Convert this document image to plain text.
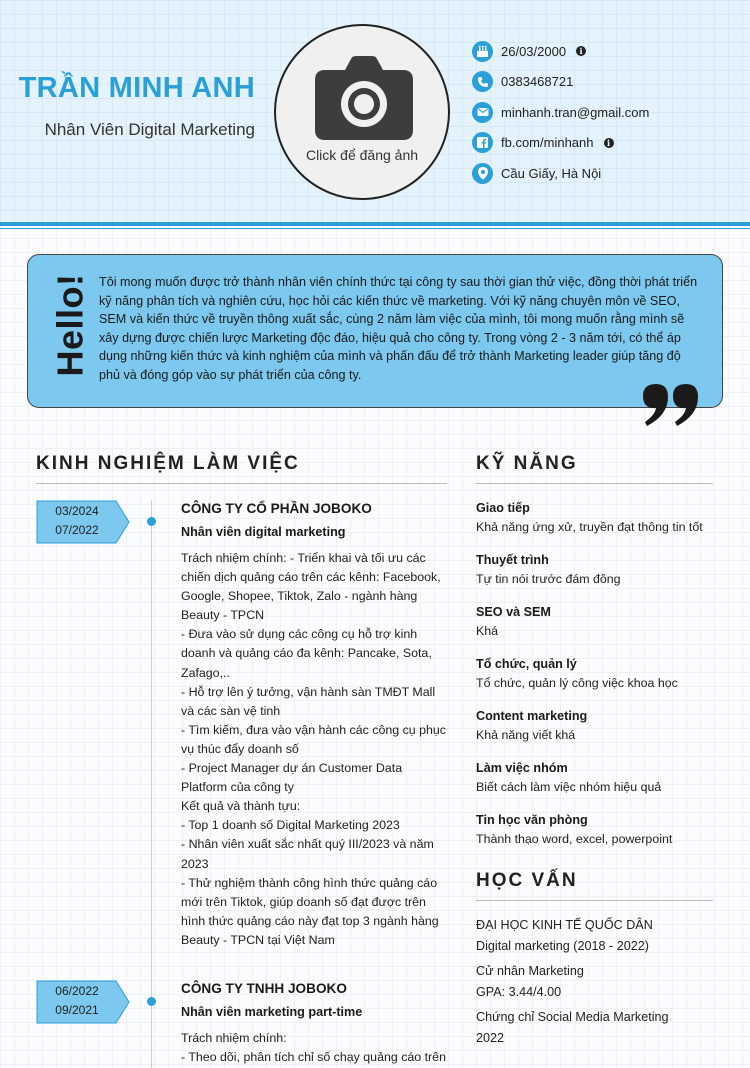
TRẦN MINH ANH
Nhân Viên Digital Marketing
Click để đăng ảnh
26/03/2000	i
0383468721
minhanh.tran@gmail.com
fb.com/minhanh	i
Cầu Giấy, Hà Nội
Hello! Tôi mong muốn được trở thành nhân viên chính thức tại công ty sau thời gian thử việc, đồng thời phát triển kỹ năng phân tích và nghiên cứu, học hỏi các kiến thức về marketing. Với kỹ năng chuyên môn về SEO, SEM và kiến thức về truyền thông xuất sắc, cùng 2 năm làm việc của mình, tôi mong muốn rằng mình sẽ xây dựng được chiến lược Marketing độc đáo, hiệu quả cho công ty. Trong vòng 2 - 3 năm tới, có thể áp dụng những kiến thức và kinh nghiệm của mình và phấn đấu để trở thành Marketing leader giúp tăng độ phủ và đóng góp vào sự phát triển của công ty.
KINH NGHIỆM LÀM VIỆC
03/2024
07/2022
CÔNG TY CỔ PHẦN JOBOKO
Nhân viên digital marketing
Trách nhiệm chính: - Triển khai và tối ưu các
chiến dịch quảng cáo trên các kênh: Facebook,
Google, Shopee, Tiktok, Zalo - ngành hàng
Beauty - TPCN
- Đưa vào sử dụng các công cụ hỗ trợ kinh
doanh và quảng cáo đa kênh: Pancake, Sota,
Zafago,..
- Hỗ trợ lên ý tưởng, vận hành sàn TMĐT Mall
và các sàn vệ tinh
- Tìm kiếm, đưa vào vận hành các công cụ phục
vụ thúc đẩy doanh số
- Project Manager dự án Customer Data
Platform của công ty
Kết quả và thành tựu:
- Top 1 doanh số Digital Marketing 2023
- Nhân viên xuất sắc nhất quý III/2023 và năm
2023
- Thử nghiệm thành công hình thức quảng cáo
mới trên Tiktok, giúp doanh số đạt được trên
hình thức quảng cáo này đạt top 3 ngành hàng
Beauty - TPCN tại Việt Nam
06/2022
09/2021
CÔNG TY TNHH JOBOKO
Nhân viên marketing part-time
Trách nhiệm chính:
- Theo dõi, phân tích chỉ số chạy quảng cáo trên
KỸ NĂNG
Giao tiếp
Khả năng ứng xử, truyền đạt thông tin tốt
Thuyết trình
Tự tin nói trước đám đông
SEO và SEM
Khá
Tổ chức, quản lý
Tổ chức, quản lý công việc khoa học
Content marketing
Khả năng viết khá
Làm việc nhóm
Biết cách làm việc nhóm hiệu quả
Tin học văn phòng
Thành thạo word, excel, powerpoint
HỌC VẤN
ĐẠI HỌC KINH TẾ QUỐC DÂN
Digital marketing (2018 - 2022)
Cử nhân Marketing
GPA: 3.44/4.00
Chứng chỉ Social Media Marketing
2022
